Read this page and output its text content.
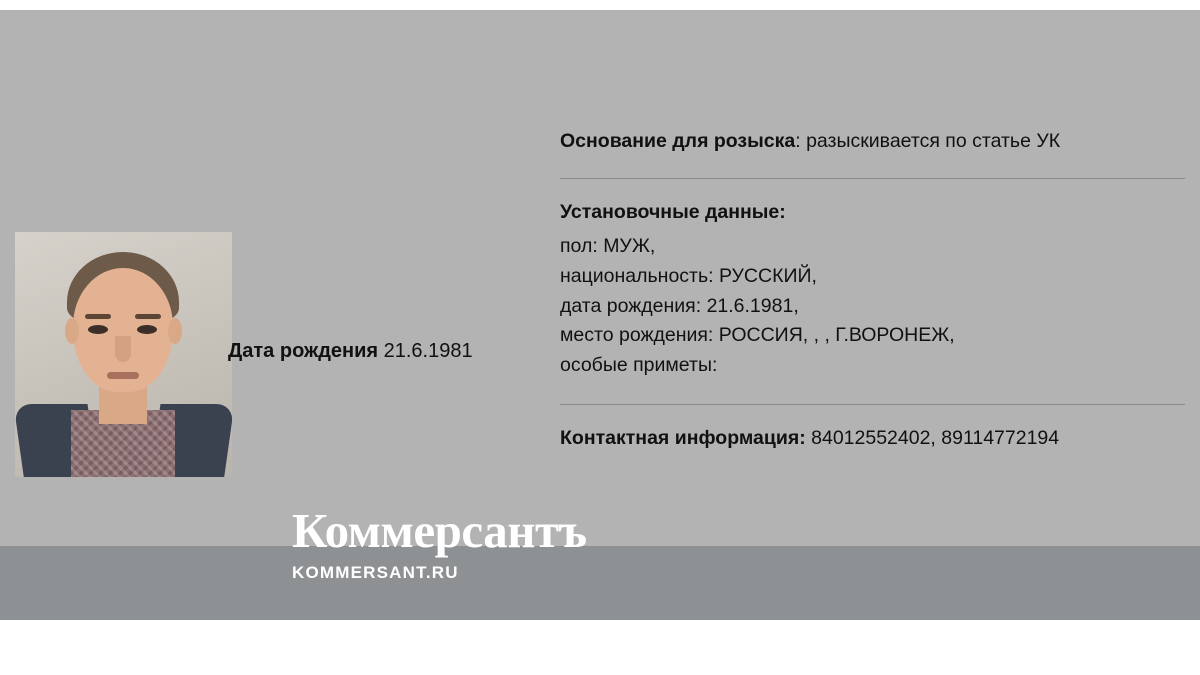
Дата рождения 21.6.1981
Основание для розыска: разыскивается по статье УК
Установочные данные:
пол: МУЖ,
национальность: РУССКИЙ,
дата рождения: 21.6.1981,
место рождения: РОССИЯ, , , Г.ВОРОНЕЖ,
особые приметы:
Контактная информация: 84012552402, 89114772194
Коммерсантъ
KOMMERSANT.RU
